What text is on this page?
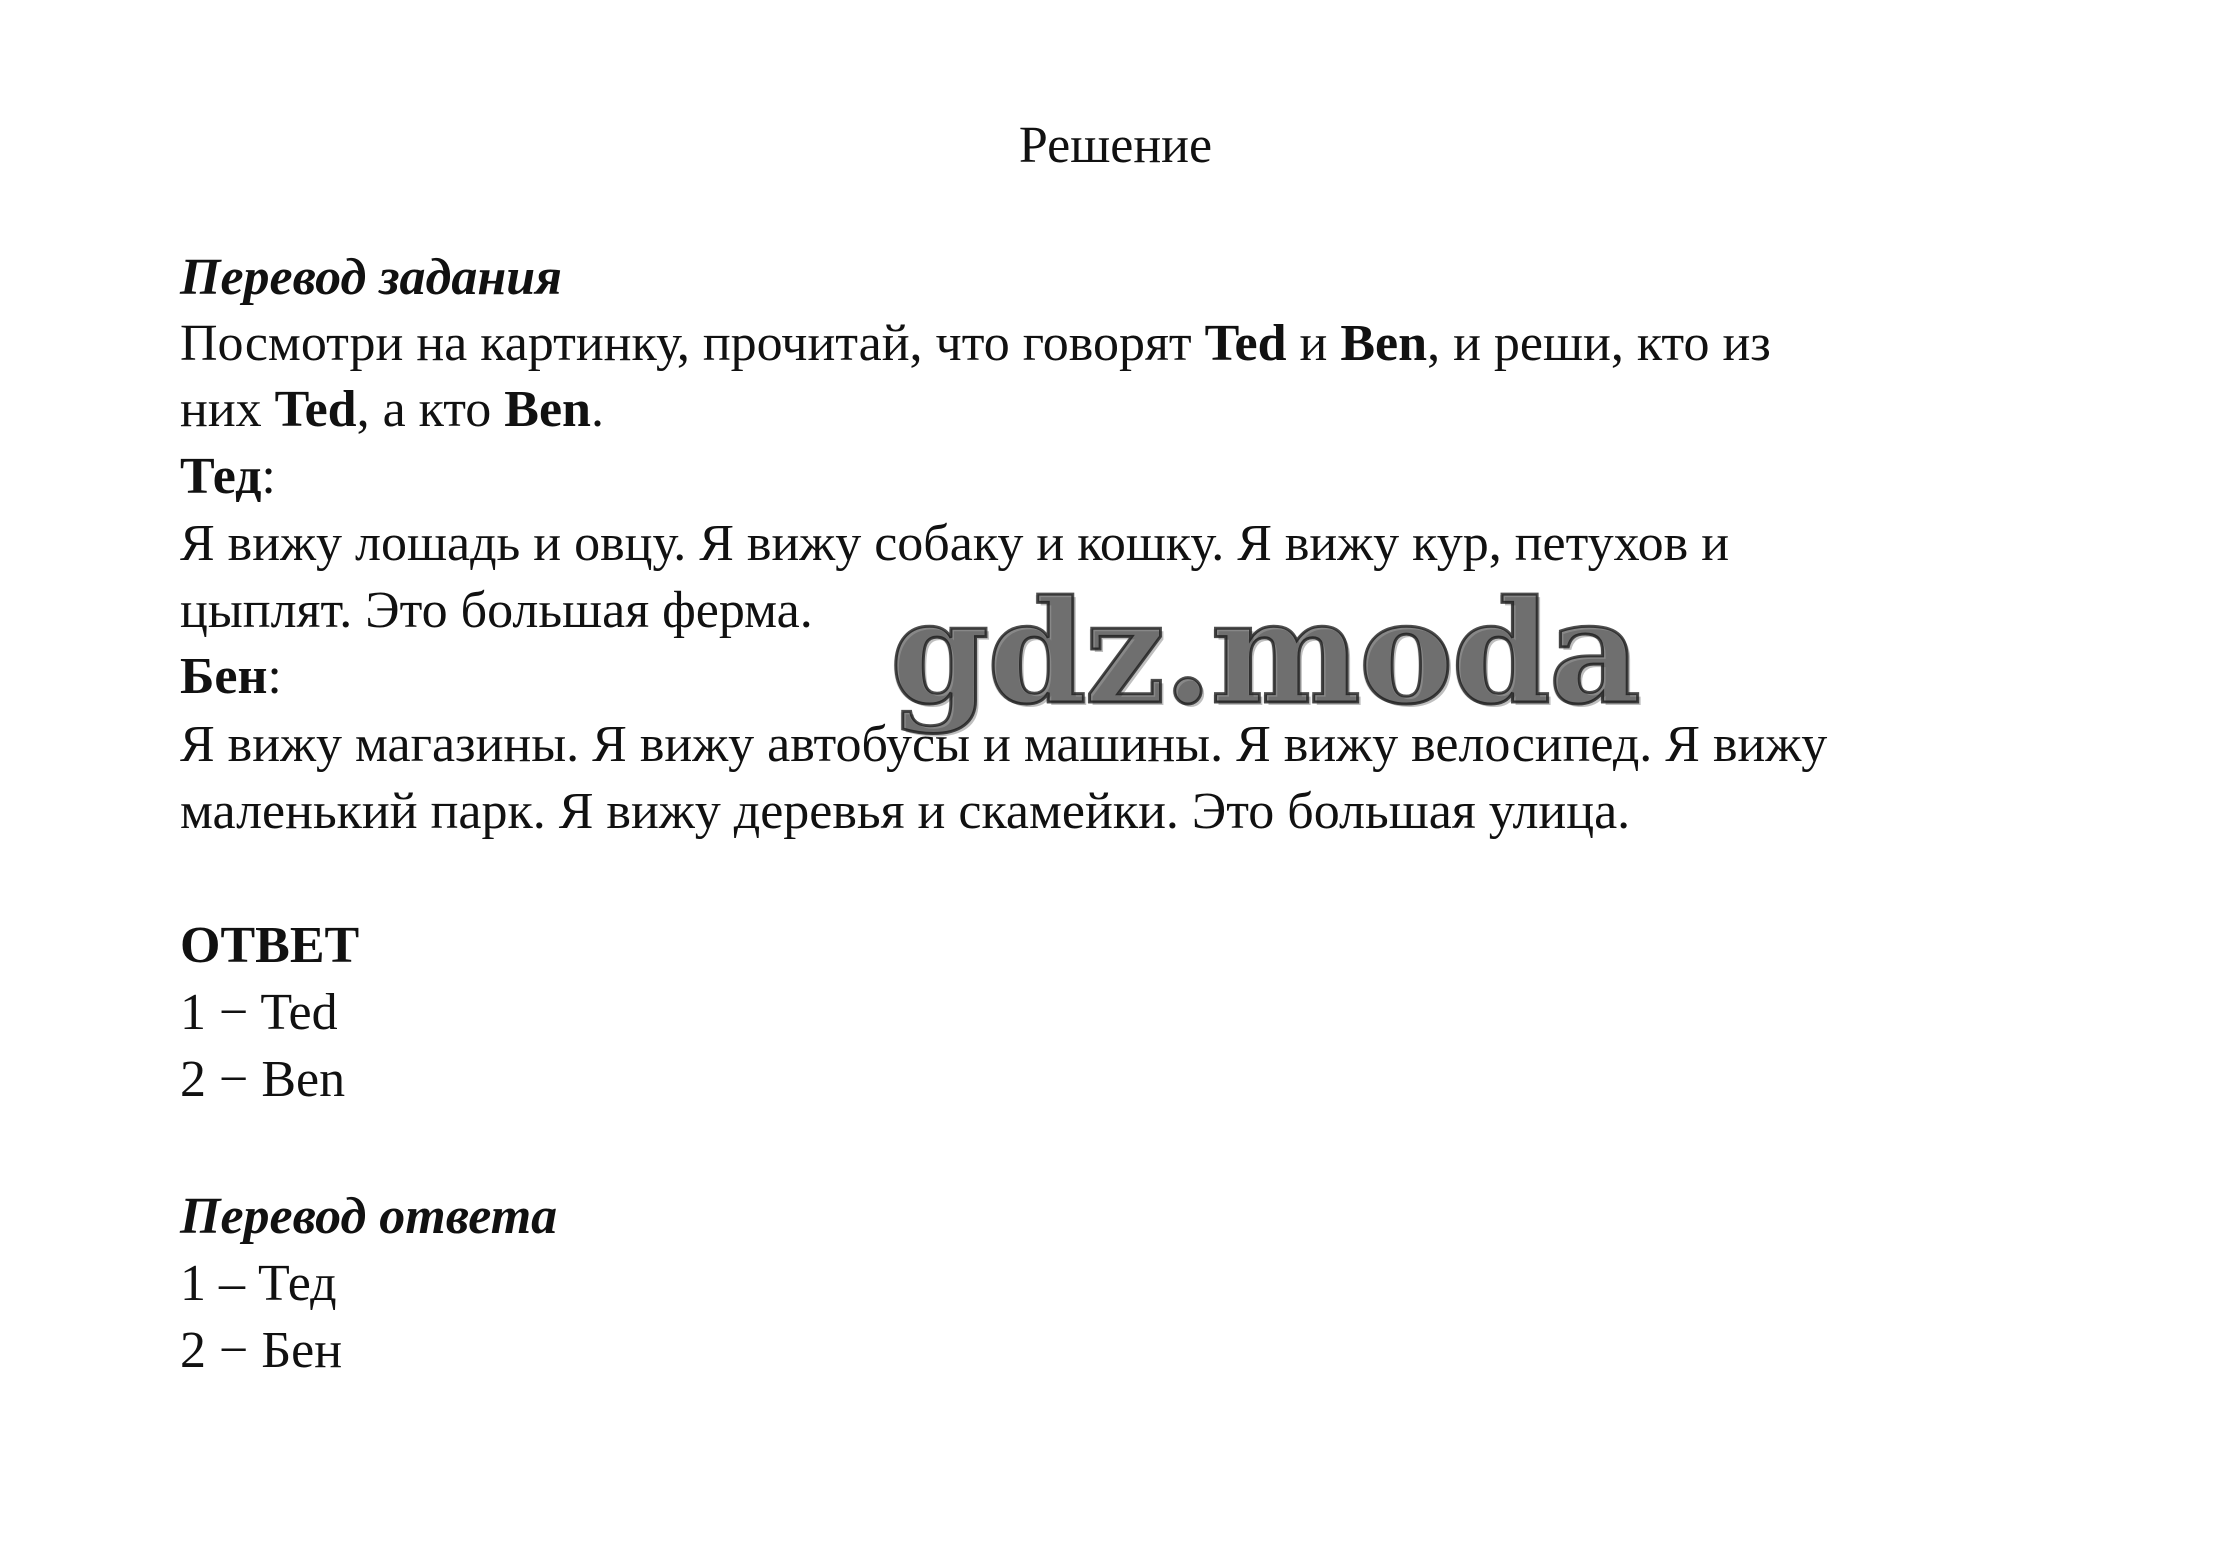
Решение
Перевод задания
Посмотри на картинку, прочитай, что говорят Ted и Ben, и реши, кто из
них Ted, а кто Ben.
Тед:
Я вижу лошадь и овцу. Я вижу собаку и кошку. Я вижу кур, петухов и
цыплят. Это большая ферма.
Бен:
Я вижу магазины. Я вижу автобусы и машины. Я вижу велосипед. Я вижу
маленький парк. Я вижу деревья и скамейки. Это большая улица.
ОТВЕТ
1 − Ted
2 − Ben
Перевод ответа
1 – Тед
2 − Бен
gdz.moda
